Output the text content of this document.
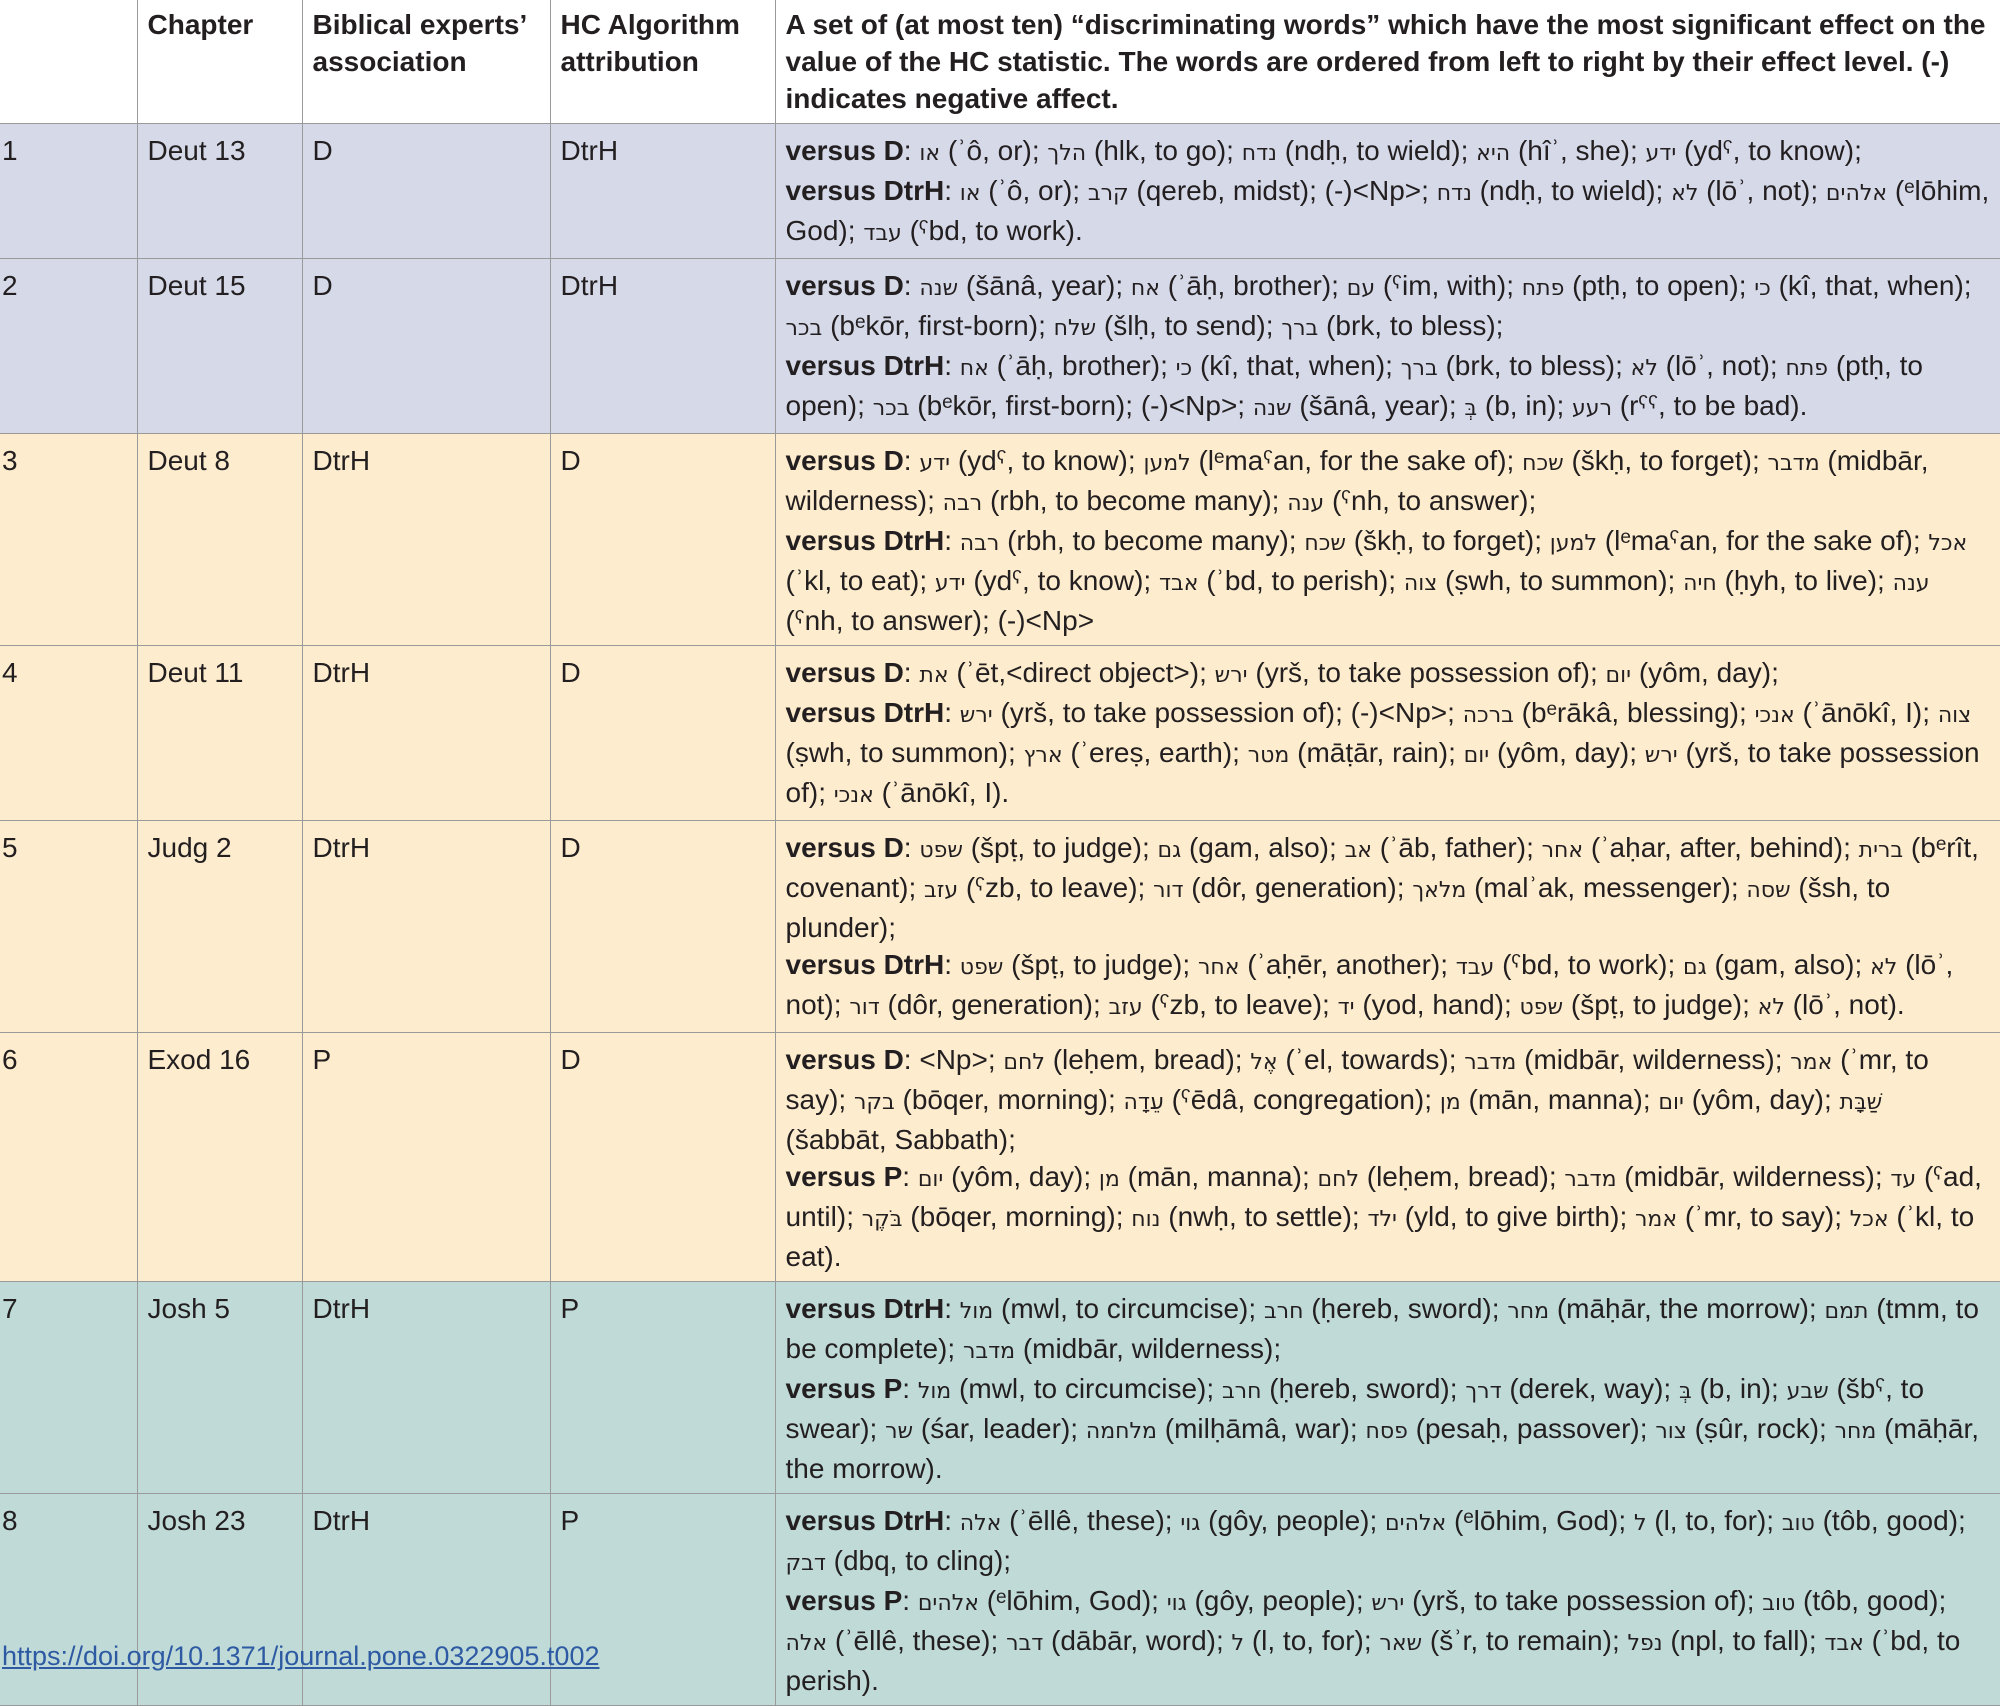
	Chapter	Biblical experts’ association	HC Algorithm attribution	A set of (at most ten) “discriminating words” which have the most significant effect on the value of the HC statistic. The words are ordered from left to right by their effect level. (-) indicates negative affect.
1	Deut 13	D	DtrH	versus D: או (ʾô, or); הלך (hlk, to go); נדח (ndḥ, to wield); היא (hîʾ, she); ידע (ydˁ, to know);
versus DtrH: או (ʾô, or); קרב (qereb, midst); (-)<Np>; נדח (ndḥ, to wield); לא (lōʾ, not); אלהים (ᵉlōhim, God); עבד (ˁbd, to work).

2	Deut 15	D	DtrH	versus D: שנה (šānâ, year); אח (ʾāḥ, brother); עם (ˁim, with); פתח (ptḥ, to open); כי (kî, that, when); בכר (bᵉkōr, first-born); שלח (šlḥ, to send); ברך (brk, to bless);
versus DtrH: אח (ʾāḥ, brother); כי (kî, that, when); ברך (brk, to bless); לא (lōʾ, not); פתח (ptḥ, to open); בכר (bᵉkōr, first-born); (-)<Np>; שנה (šānâ, year); בְּ (b, in); רעע (rˁˁ, to be bad).

3	Deut 8	DtrH	D	versus D: ידע (ydˁ, to know); למען (lᵉmaˁan, for the sake of); שכח (škḥ, to forget); מדבר (midbār, wilderness); רבה (rbh, to become many); ענה (ˁnh, to answer);
versus DtrH: רבה (rbh, to become many); שכח (škḥ, to forget); למען (lᵉmaˁan, for the sake of); אכל (ʾkl, to eat); ידע (ydˁ, to know); אבד (ʾbd, to perish); צוה (ṣwh, to summon); חיה (ḥyh, to live); ענה (ˁnh, to answer); (-)<Np>

4	Deut 11	DtrH	D	versus D: את (ʾēt,<direct object>); ירש (yrš, to take possession of); יום (yôm, day);
versus DtrH: ירש (yrš, to take possession of); (-)<Np>; ברכה (bᵉrākâ, blessing); אנכי (ʾānōkî, I); צוה (ṣwh, to summon); ארץ (ʾereṣ, earth); מטר (māṭār, rain); יום (yôm, day); ירש (yrš, to take possession of); אנכי (ʾānōkî, I).

5	Judg 2	DtrH	D	versus D: שפט (špṭ, to judge); גם (gam, also); אב (ʾāb, father); אחר (ʾaḥar, after, behind); ברית (bᵉrît, covenant); עזב (ˁzb, to leave); דור (dôr, generation); מלאך (malʾak, messenger); שסה (šsh, to plunder);
versus DtrH: שפט (špṭ, to judge); אחר (ʾaḥēr, another); עבד (ˁbd, to work); גם (gam, also); לא (lōʾ, not); דור (dôr, generation); עזב (ˁzb, to leave); יד (yod, hand); שפט (špṭ, to judge); לא (lōʾ, not).

6	Exod 16	P	D	versus D: <Np>; לחם (leḥem, bread); אֶל (ʾel, towards); מדבר (midbār, wilderness); אמר (ʾmr, to say); בקר (bōqer, morning); עֵדָה (ˁēdâ, congregation); מן (mān, manna); יום (yôm, day); שַׁבָּת (šabbāt, Sabbath);
versus P: יום (yôm, day); מן (mān, manna); לחם (leḥem, bread); מדבר (midbār, wilderness); עד (ˁad, until); בֹּקֶר (bōqer, morning); נוח (nwḥ, to settle); ילד (yld, to give birth); אמר (ʾmr, to say); אכל (ʾkl, to eat).

7	Josh 5	DtrH	P	versus DtrH: מול (mwl, to circumcise); חרב (ḥereb, sword); מחר (māḥār, the morrow); תמם (tmm, to be complete); מדבר (midbār, wilderness);
versus P: מול (mwl, to circumcise); חרב (ḥereb, sword); דרך (derek, way); בְּ (b, in); שבע (šbˁ, to swear); שר (śar, leader); מלחמה (milḥāmâ, war); פסח (pesaḥ, passover); צור (ṣûr, rock); מחר (māḥār, the morrow).

8	Josh 23	DtrH	P	versus DtrH: אלה (ʾēllê, these); גוי (gôy, people); אלהים (ᵉlōhim, God); ל (l, to, for); טוב (tôb, good); דבק (dbq, to cling);
versus P: אלהים (ᵉlōhim, God); גוי (gôy, people); ירש (yrš, to take possession of); טוב (tôb, good); אלה (ʾēllê, these); דבר (dābār, word); ל (l, to, for); שאר (šʾr, to remain); נפל (npl, to fall); אבד (ʾbd, to perish).
https://doi.org/10.1371/journal.pone.0322905.t002
